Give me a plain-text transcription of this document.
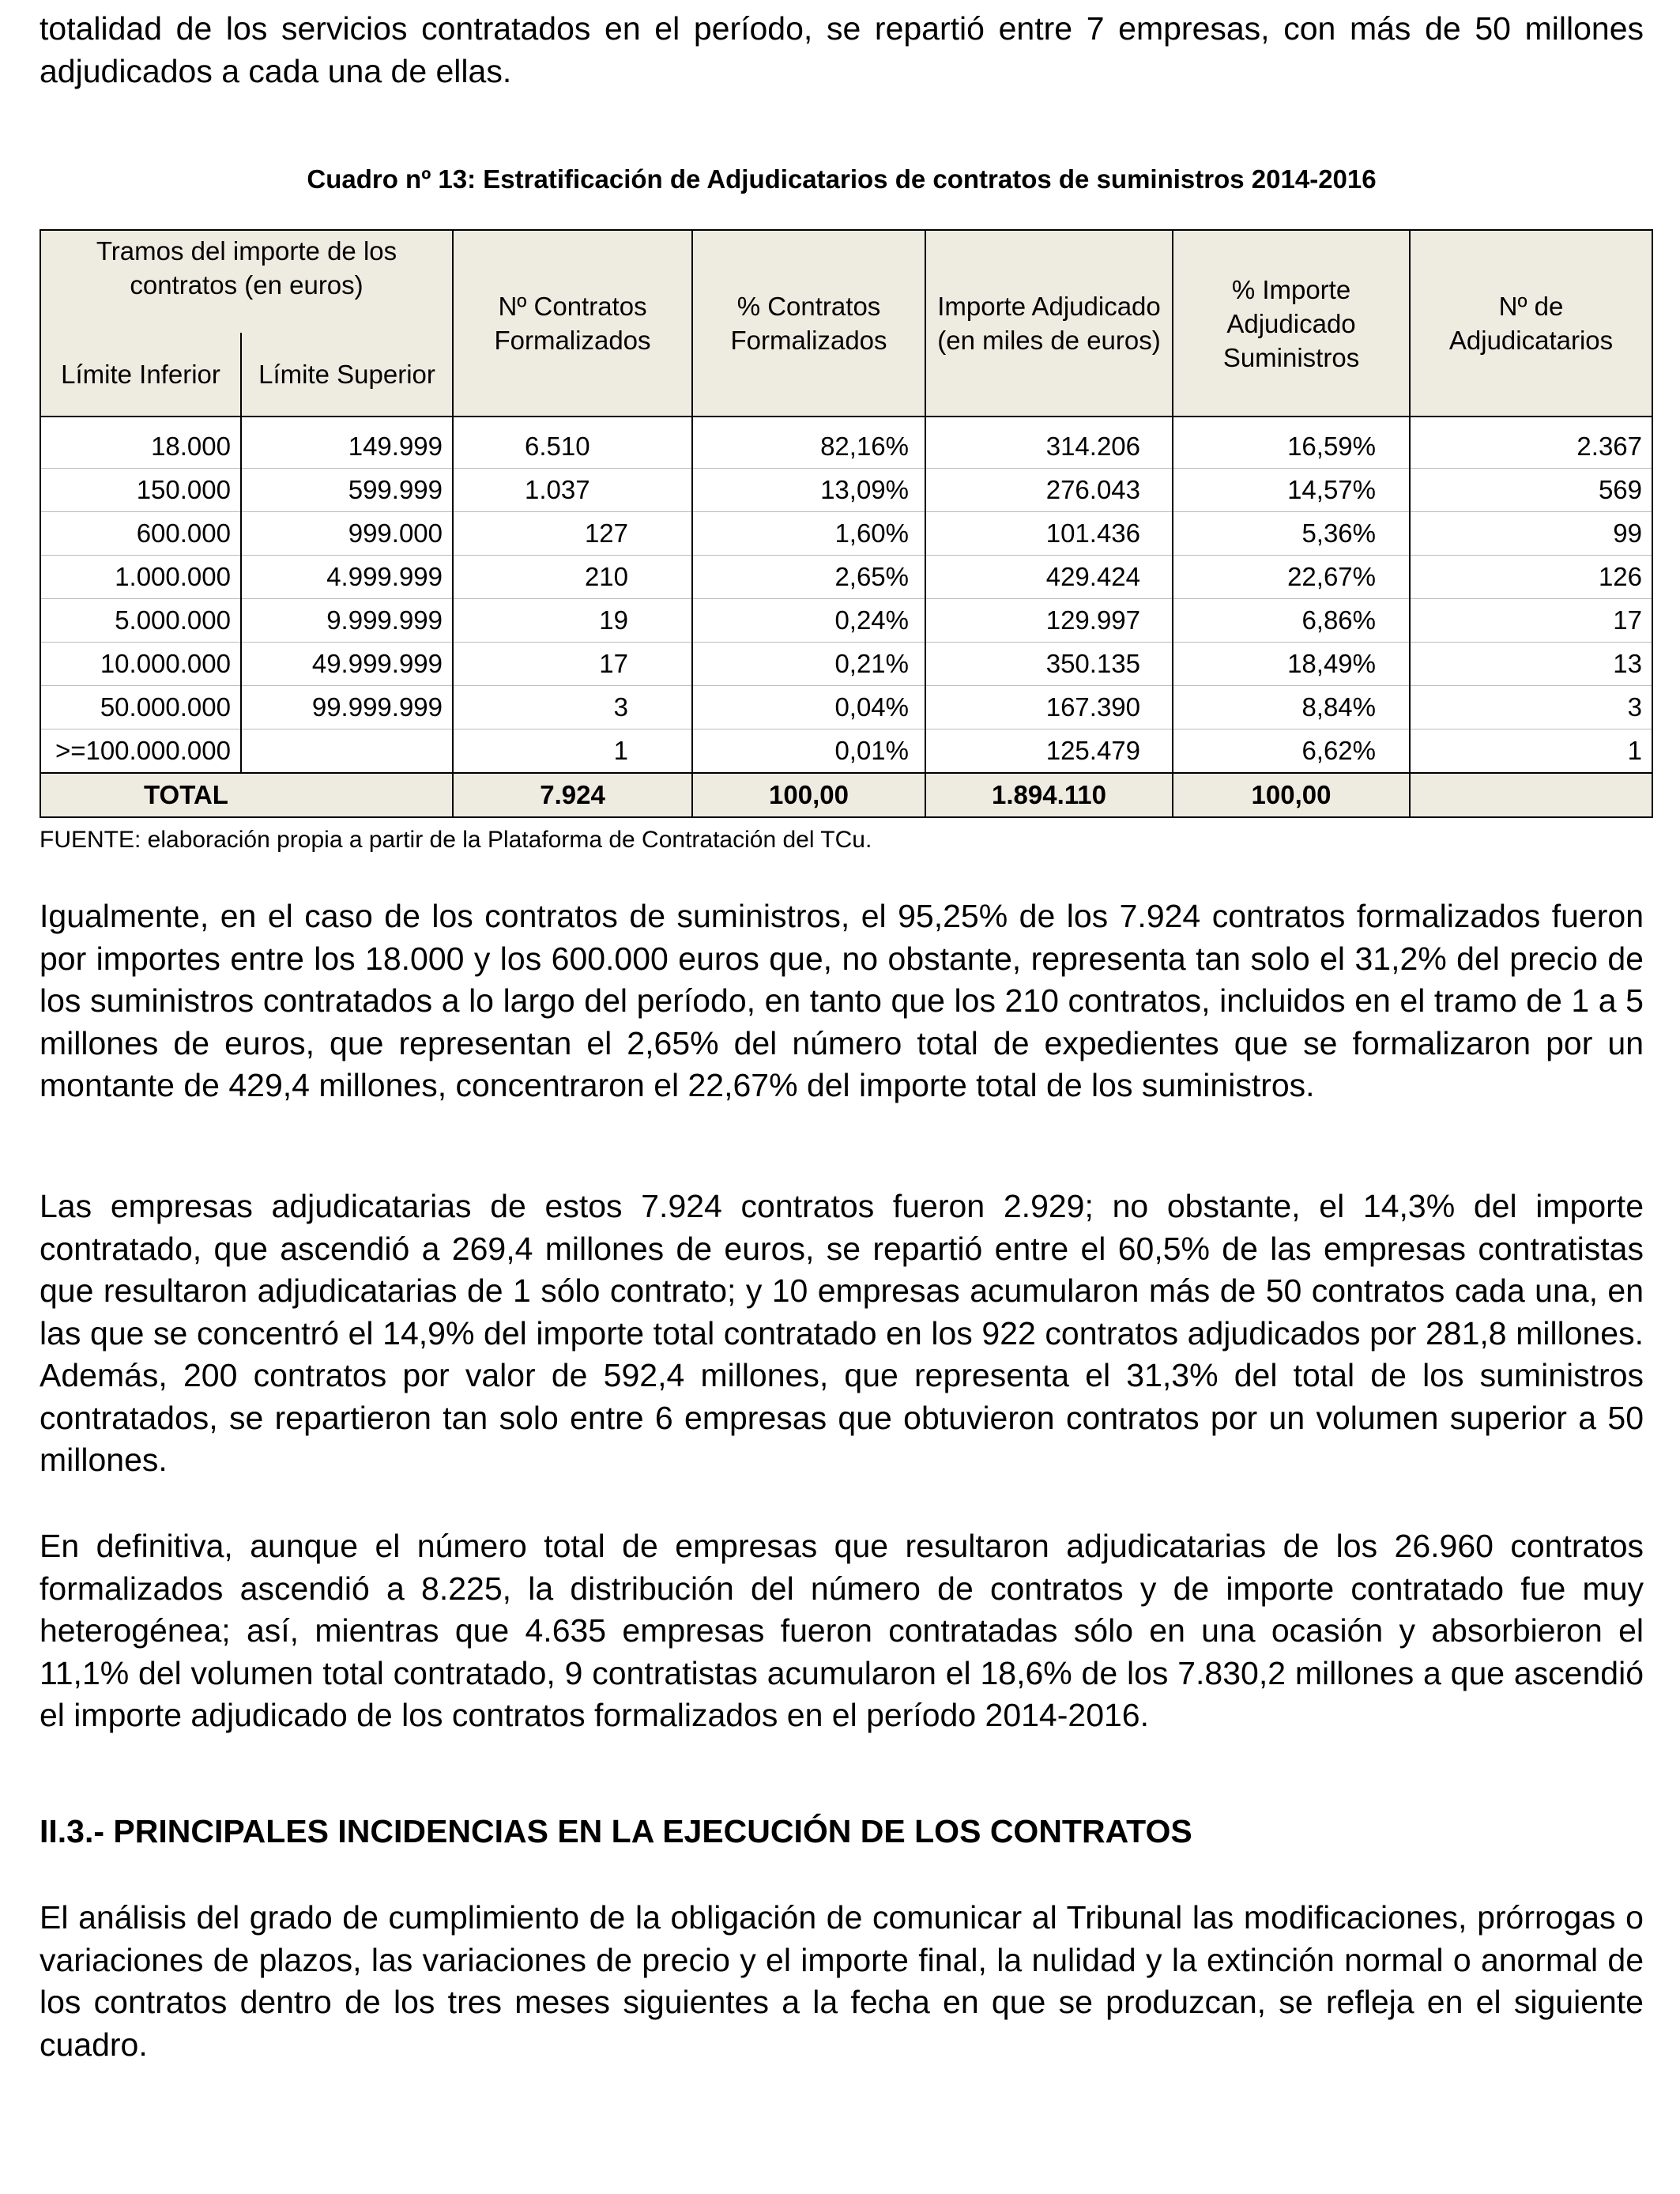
totalidad de los servicios contratados en el período, se repartió entre 7 empresas, con más de 50 millones adjudicados a cada una de ellas.

Cuadro nº 13: Estratificación de Adjudicatarios de contratos de suministros 2014-2016
Tramos del importe de los contratos (en euros)		Nº Contratos Formalizados	% Contratos Formalizados	Importe Adjudicado (en miles de euros)	% Importe Adjudicado Suministros	Nº de Adjudicatarios
Límite Inferior	Límite Superior					
18.000	149.999	6.510	82,16%	314.206	16,59%	2.367
150.000	599.999	1.037	13,09%	276.043	14,57%	569
600.000	999.000	127	1,60%	101.436	5,36%	99
1.000.000	4.999.999	210	2,65%	429.424	22,67%	126
5.000.000	9.999.999	19	0,24%	129.997	6,86%	17
10.000.000	49.999.999	17	0,21%	350.135	18,49%	13
50.000.000	99.999.999	3	0,04%	167.390	8,84%	3
>=100.000.000		1	0,01%	125.479	6,62%	1
TOTAL		7.924	100,00	1.894.110	100,00	
FUENTE: elaboración propia a partir de la Plataforma de Contratación del TCu.

Igualmente, en el caso de los contratos de suministros, el 95,25% de los 7.924 contratos formalizados fueron por importes entre los 18.000 y los 600.000 euros que, no obstante, representa tan solo el 31,2% del precio de los suministros contratados a lo largo del período, en tanto que los 210 contratos, incluidos en el tramo de 1 a 5 millones de euros, que representan el 2,65% del número total de expedientes que se formalizaron por un montante de 429,4 millones, concentraron el 22,67% del importe total de los suministros.

Las empresas adjudicatarias de estos 7.924 contratos fueron 2.929; no obstante, el 14,3% del importe contratado, que ascendió a 269,4 millones de euros, se repartió entre el 60,5% de las empresas contratistas que resultaron adjudicatarias de 1 sólo contrato; y 10 empresas acumularon más de 50 contratos cada una, en las que se concentró el 14,9% del importe total contratado en los 922 contratos adjudicados por 281,8 millones. Además, 200 contratos por valor de 592,4 millones, que representa el 31,3% del total de los suministros contratados, se repartieron tan solo entre 6 empresas que obtuvieron contratos por un volumen superior a 50 millones.

En definitiva, aunque el número total de empresas que resultaron adjudicatarias de los 26.960 contratos formalizados ascendió a 8.225, la distribución del número de contratos y de importe contratado fue muy heterogénea; así, mientras que 4.635 empresas fueron contratadas sólo en una ocasión y absorbieron el 11,1% del volumen total contratado, 9 contratistas acumularon el 18,6% de los 7.830,2 millones a que ascendió el importe adjudicado de los contratos formalizados en el período 2014-2016.

II.3.- PRINCIPALES INCIDENCIAS EN LA EJECUCIÓN DE LOS CONTRATOS

El análisis del grado de cumplimiento de la obligación de comunicar al Tribunal las modificaciones, prórrogas o variaciones de plazos, las variaciones de precio y el importe final, la nulidad y la extinción normal o anormal de los contratos dentro de los tres meses siguientes a la fecha en que se produzcan, se refleja en el siguiente cuadro.
